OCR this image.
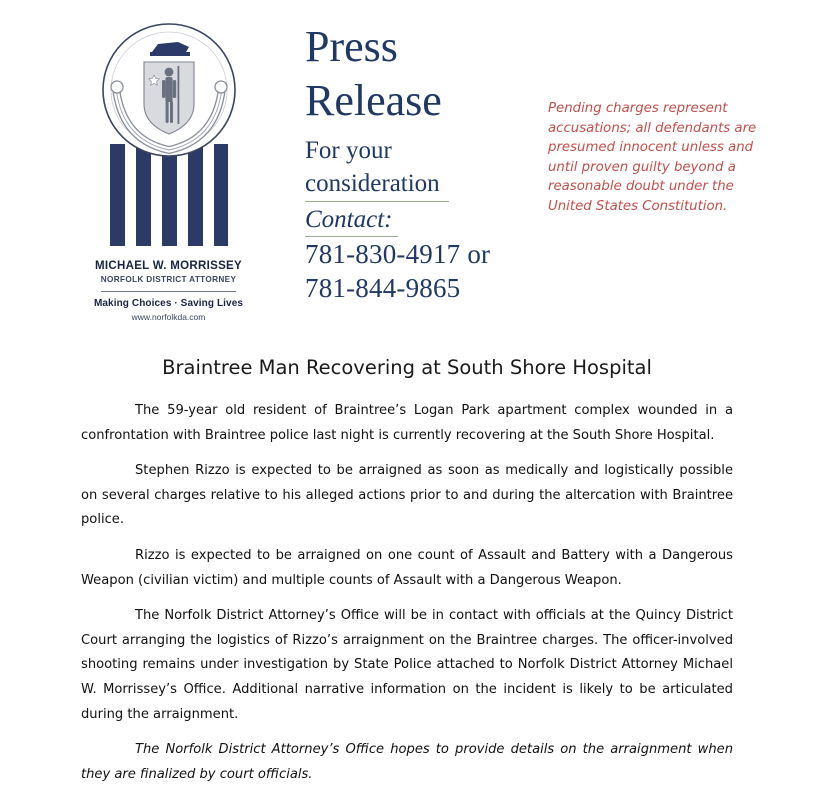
MICHAEL W. MORRISSEY
NORFOLK DISTRICT ATTORNEY
Making Choices · Saving Lives
www.norfolkda.com
Press
Release
For your
consideration
Contact:
781-830-4917 or
781-844-9865
Pending charges represent accusations; all defendants are presumed innocent unless and until proven guilty beyond a reasonable doubt under the United States Constitution.
Braintree Man Recovering at South Shore Hospital

The 59-year old resident of Braintree’s Logan Park apartment complex wounded in a confrontation with Braintree police last night is currently recovering at the South Shore Hospital.

Stephen Rizzo is expected to be arraigned as soon as medically and logistically possible on several charges relative to his alleged actions prior to and during the altercation with Braintree police.

Rizzo is expected to be arraigned on one count of Assault and Battery with a Dangerous Weapon (civilian victim) and multiple counts of Assault with a Dangerous Weapon.

The Norfolk District Attorney’s Office will be in contact with officials at the Quincy District Court arranging the logistics of Rizzo’s arraignment on the Braintree charges. The officer-involved shooting remains under investigation by State Police attached to Norfolk District Attorney Michael W. Morrissey’s Office. Additional narrative information on the incident is likely to be articulated during the arraignment.

The Norfolk District Attorney’s Office hopes to provide details on the arraignment when they are finalized by court officials.
